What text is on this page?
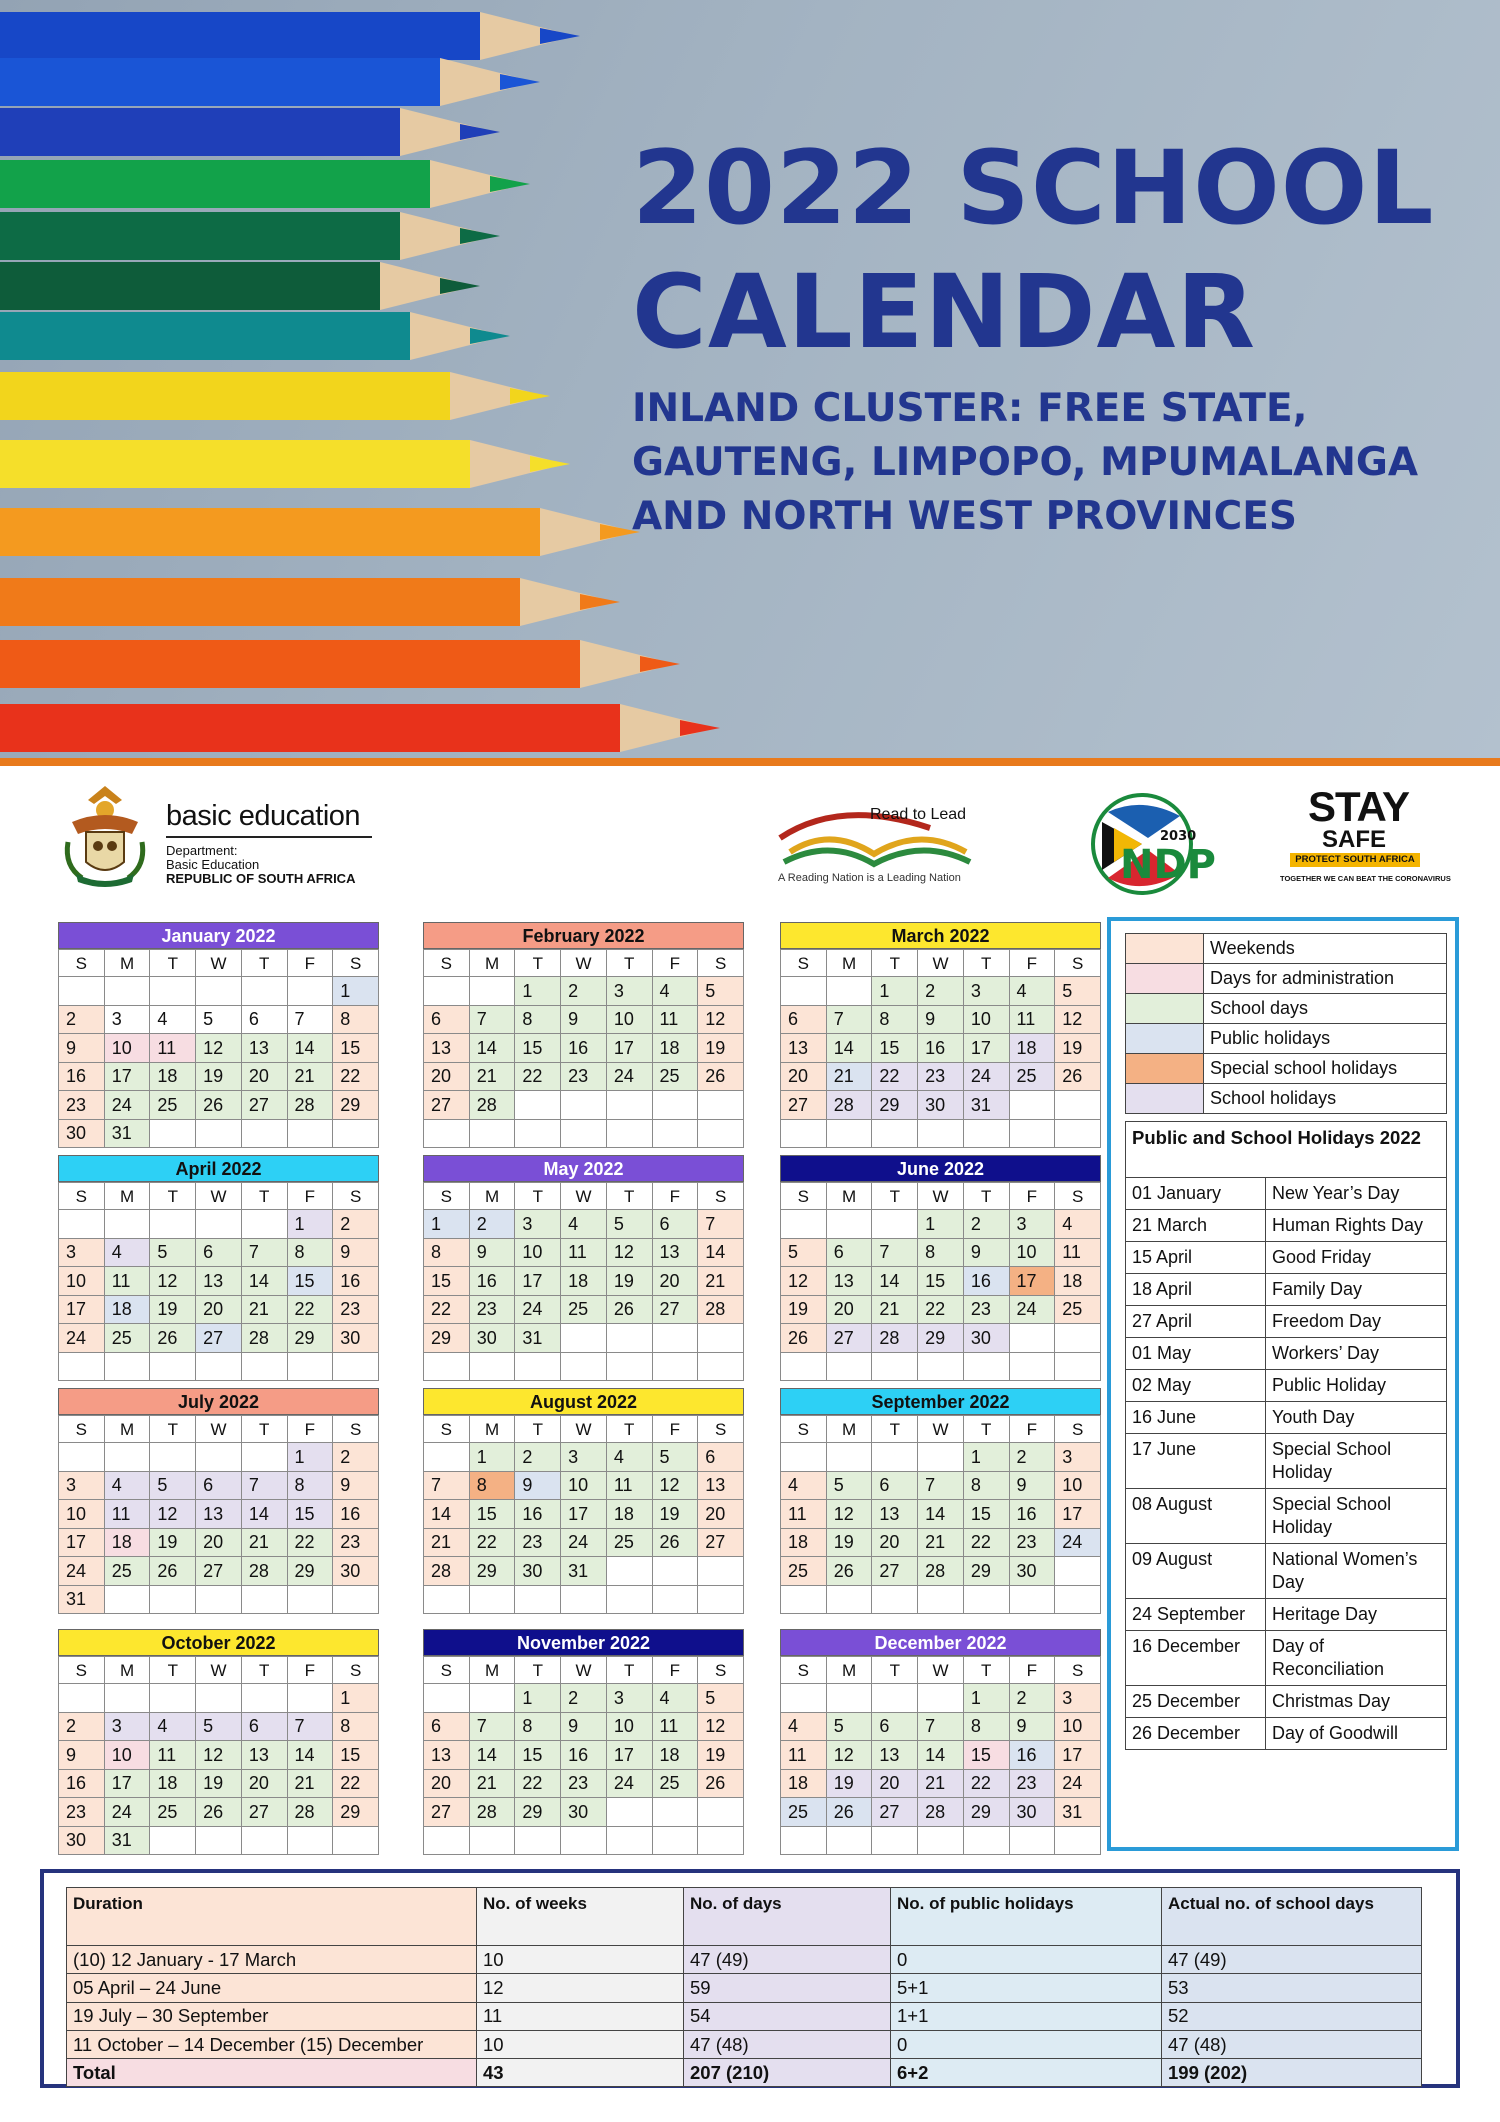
2022 SCHOOL
CALENDAR
INLAND CLUSTER: FREE STATE,
GAUTENG, LIMPOPO, MPUMALANGA
AND NORTH WEST PROVINCES
basic education
Department:
Basic Education
REPUBLIC OF SOUTH AFRICA
Read to Lead
A Reading Nation is a Leading Nation
2030
NDP
STAY
SAFE
PROTECT SOUTH AFRICA
TOGETHER WE CAN BEAT THE CORONAVIRUS
January 2022
S	M	T	W	T	F	S
						1
2	3	4	5	6	7	8
9	10	11	12	13	14	15
16	17	18	19	20	21	22
23	24	25	26	27	28	29
30	31					
February 2022
S	M	T	W	T	F	S
		1	2	3	4	5
6	7	8	9	10	11	12
13	14	15	16	17	18	19
20	21	22	23	24	25	26
27	28					

March 2022
S	M	T	W	T	F	S
		1	2	3	4	5
6	7	8	9	10	11	12
13	14	15	16	17	18	19
20	21	22	23	24	25	26
27	28	29	30	31		

April 2022
S	M	T	W	T	F	S
					1	2
3	4	5	6	7	8	9
10	11	12	13	14	15	16
17	18	19	20	21	22	23
24	25	26	27	28	29	30

May 2022
S	M	T	W	T	F	S
1	2	3	4	5	6	7
8	9	10	11	12	13	14
15	16	17	18	19	20	21
22	23	24	25	26	27	28
29	30	31				

June 2022
S	M	T	W	T	F	S
			1	2	3	4
5	6	7	8	9	10	11
12	13	14	15	16	17	18
19	20	21	22	23	24	25
26	27	28	29	30		

July 2022
S	M	T	W	T	F	S
					1	2
3	4	5	6	7	8	9
10	11	12	13	14	15	16
17	18	19	20	21	22	23
24	25	26	27	28	29	30
31						
August 2022
S	M	T	W	T	F	S
	1	2	3	4	5	6
7	8	9	10	11	12	13
14	15	16	17	18	19	20
21	22	23	24	25	26	27
28	29	30	31			

September 2022
S	M	T	W	T	F	S
				1	2	3
4	5	6	7	8	9	10
11	12	13	14	15	16	17
18	19	20	21	22	23	24
25	26	27	28	29	30	

October 2022
S	M	T	W	T	F	S
						1
2	3	4	5	6	7	8
9	10	11	12	13	14	15
16	17	18	19	20	21	22
23	24	25	26	27	28	29
30	31					
November 2022
S	M	T	W	T	F	S
		1	2	3	4	5
6	7	8	9	10	11	12
13	14	15	16	17	18	19
20	21	22	23	24	25	26
27	28	29	30			

December 2022
S	M	T	W	T	F	S
				1	2	3
4	5	6	7	8	9	10
11	12	13	14	15	16	17
18	19	20	21	22	23	24
25	26	27	28	29	30	31

	Weekends
	Days for administration
	School days
	Public holidays
	Special school holidays
	School holidays
Public and School Holidays 2022
01 January	New Year’s Day
21 March	Human Rights Day
15 April	Good Friday
18 April	Family Day
27 April	Freedom Day
01 May	Workers’ Day
02 May	Public Holiday
16 June	Youth Day
17 June	Special School Holiday
08 August	Special School Holiday
09 August	National Women’s Day
24 September	Heritage Day
16 December	Day of Reconciliation
25 December	Christmas Day
26 December	Day of Goodwill
Duration	No. of weeks	No. of days	No. of public holidays	Actual no. of school days
(10) 12 January - 17 March	10	47 (49)	0	47 (49)
05 April – 24 June	12	59	5+1	53
19 July – 30 September	11	54	1+1	52
11 October – 14 December (15) December	10	47 (48)	0	47 (48)
Total	43	207 (210)	6+2	199 (202)
